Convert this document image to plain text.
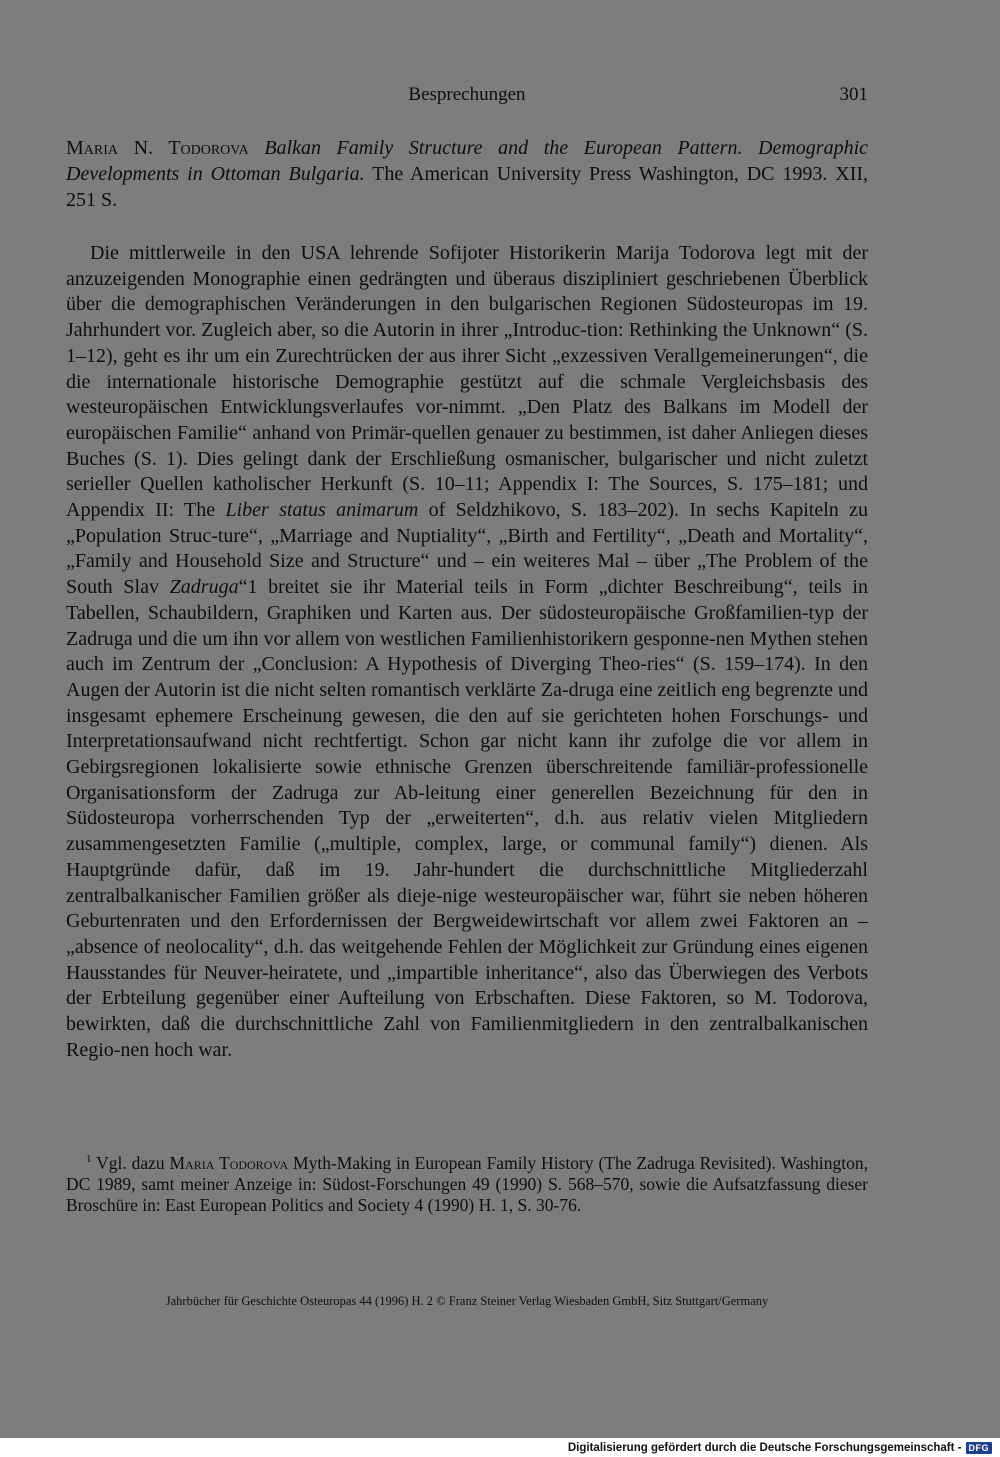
Besprechungen	301
Maria N. Todorova Balkan Family Structure and the European Pattern. Demographic Developments in Ottoman Bulgaria. The American University Press Washington, DC 1993. XII, 251 S.

Die mittlerweile in den USA lehrende Sofijoter Historikerin Marija Todorova legt mit der anzuzeigenden Monographie einen gedrängten und überaus diszipliniert geschriebenen Überblick über die demographischen Veränderungen in den bulgarischen Regionen Südosteuropas im 19. Jahrhundert vor. Zugleich aber, so die Autorin in ihrer „Introduc-tion: Rethinking the Unknown“ (S. 1–12), geht es ihr um ein Zurechtrücken der aus ihrer Sicht „exzessiven Verallgemeinerungen“, die die internationale historische Demographie gestützt auf die schmale Vergleichsbasis des westeuropäischen Entwicklungsverlaufes vor-nimmt. „Den Platz des Balkans im Modell der europäischen Familie“ anhand von Primär-quellen genauer zu bestimmen, ist daher Anliegen dieses Buches (S. 1). Dies gelingt dank der Erschließung osmanischer, bulgarischer und nicht zuletzt serieller Quellen katholischer Herkunft (S. 10–11; Appendix I: The Sources, S. 175–181; und Appendix II: The Liber status animarum of Seldzhikovo, S. 183–202). In sechs Kapiteln zu „Population Struc-ture“, „Marriage and Nuptiality“, „Birth and Fertility“, „Death and Mortality“, „Family and Household Size and Structure“ und – ein weiteres Mal – über „The Problem of the South Slav Zadruga“1 breitet sie ihr Material teils in Form „dichter Beschreibung“, teils in Tabellen, Schaubildern, Graphiken und Karten aus. Der südosteuropäische Großfamilien-typ der Zadruga und die um ihn vor allem von westlichen Familienhistorikern gesponne-nen Mythen stehen auch im Zentrum der „Conclusion: A Hypothesis of Diverging Theo-ries“ (S. 159–174). In den Augen der Autorin ist die nicht selten romantisch verklärte Za-druga eine zeitlich eng begrenzte und insgesamt ephemere Erscheinung gewesen, die den auf sie gerichteten hohen Forschungs- und Interpretationsaufwand nicht rechtfertigt. Schon gar nicht kann ihr zufolge die vor allem in Gebirgsregionen lokalisierte sowie ethnische Grenzen überschreitende familiär-professionelle Organisationsform der Zadruga zur Ab-leitung einer generellen Bezeichnung für den in Südosteuropa vorherrschenden Typ der „erweiterten“, d.h. aus relativ vielen Mitgliedern zusammengesetzten Familie („multiple, complex, large, or communal family“) dienen. Als Hauptgründe dafür, daß im 19. Jahr-hundert die durchschnittliche Mitgliederzahl zentralbalkanischer Familien größer als dieje-nige westeuropäischer war, führt sie neben höheren Geburtenraten und den Erfordernissen der Bergweidewirtschaft vor allem zwei Faktoren an – „absence of neolocality“, d.h. das weitgehende Fehlen der Möglichkeit zur Gründung eines eigenen Hausstandes für Neuver-heiratete, und „impartible inheritance“, also das Überwiegen des Verbots der Erbteilung gegenüber einer Aufteilung von Erbschaften. Diese Faktoren, so M. Todorova, bewirkten, daß die durchschnittliche Zahl von Familienmitgliedern in den zentralbalkanischen Regio-nen hoch war.

$^1$ Vgl. dazu Maria Todorova Myth-Making in European Family History (The Zadruga Revisited). Washington, DC 1989, samt meiner Anzeige in: Südost-Forschungen 49 (1990) S. 568–570, sowie die Aufsatzfassung dieser Broschüre in: East European Politics and Society 4 (1990) H. 1, S. 30-76.

Jahrbücher für Geschichte Osteuropas 44 (1996) H. 2 © Franz Steiner Verlag Wiesbaden GmbH, Sitz Stuttgart/Germany
Digitalisierung gefördert durch die Deutsche Forschungsgemeinschaft - DFG
